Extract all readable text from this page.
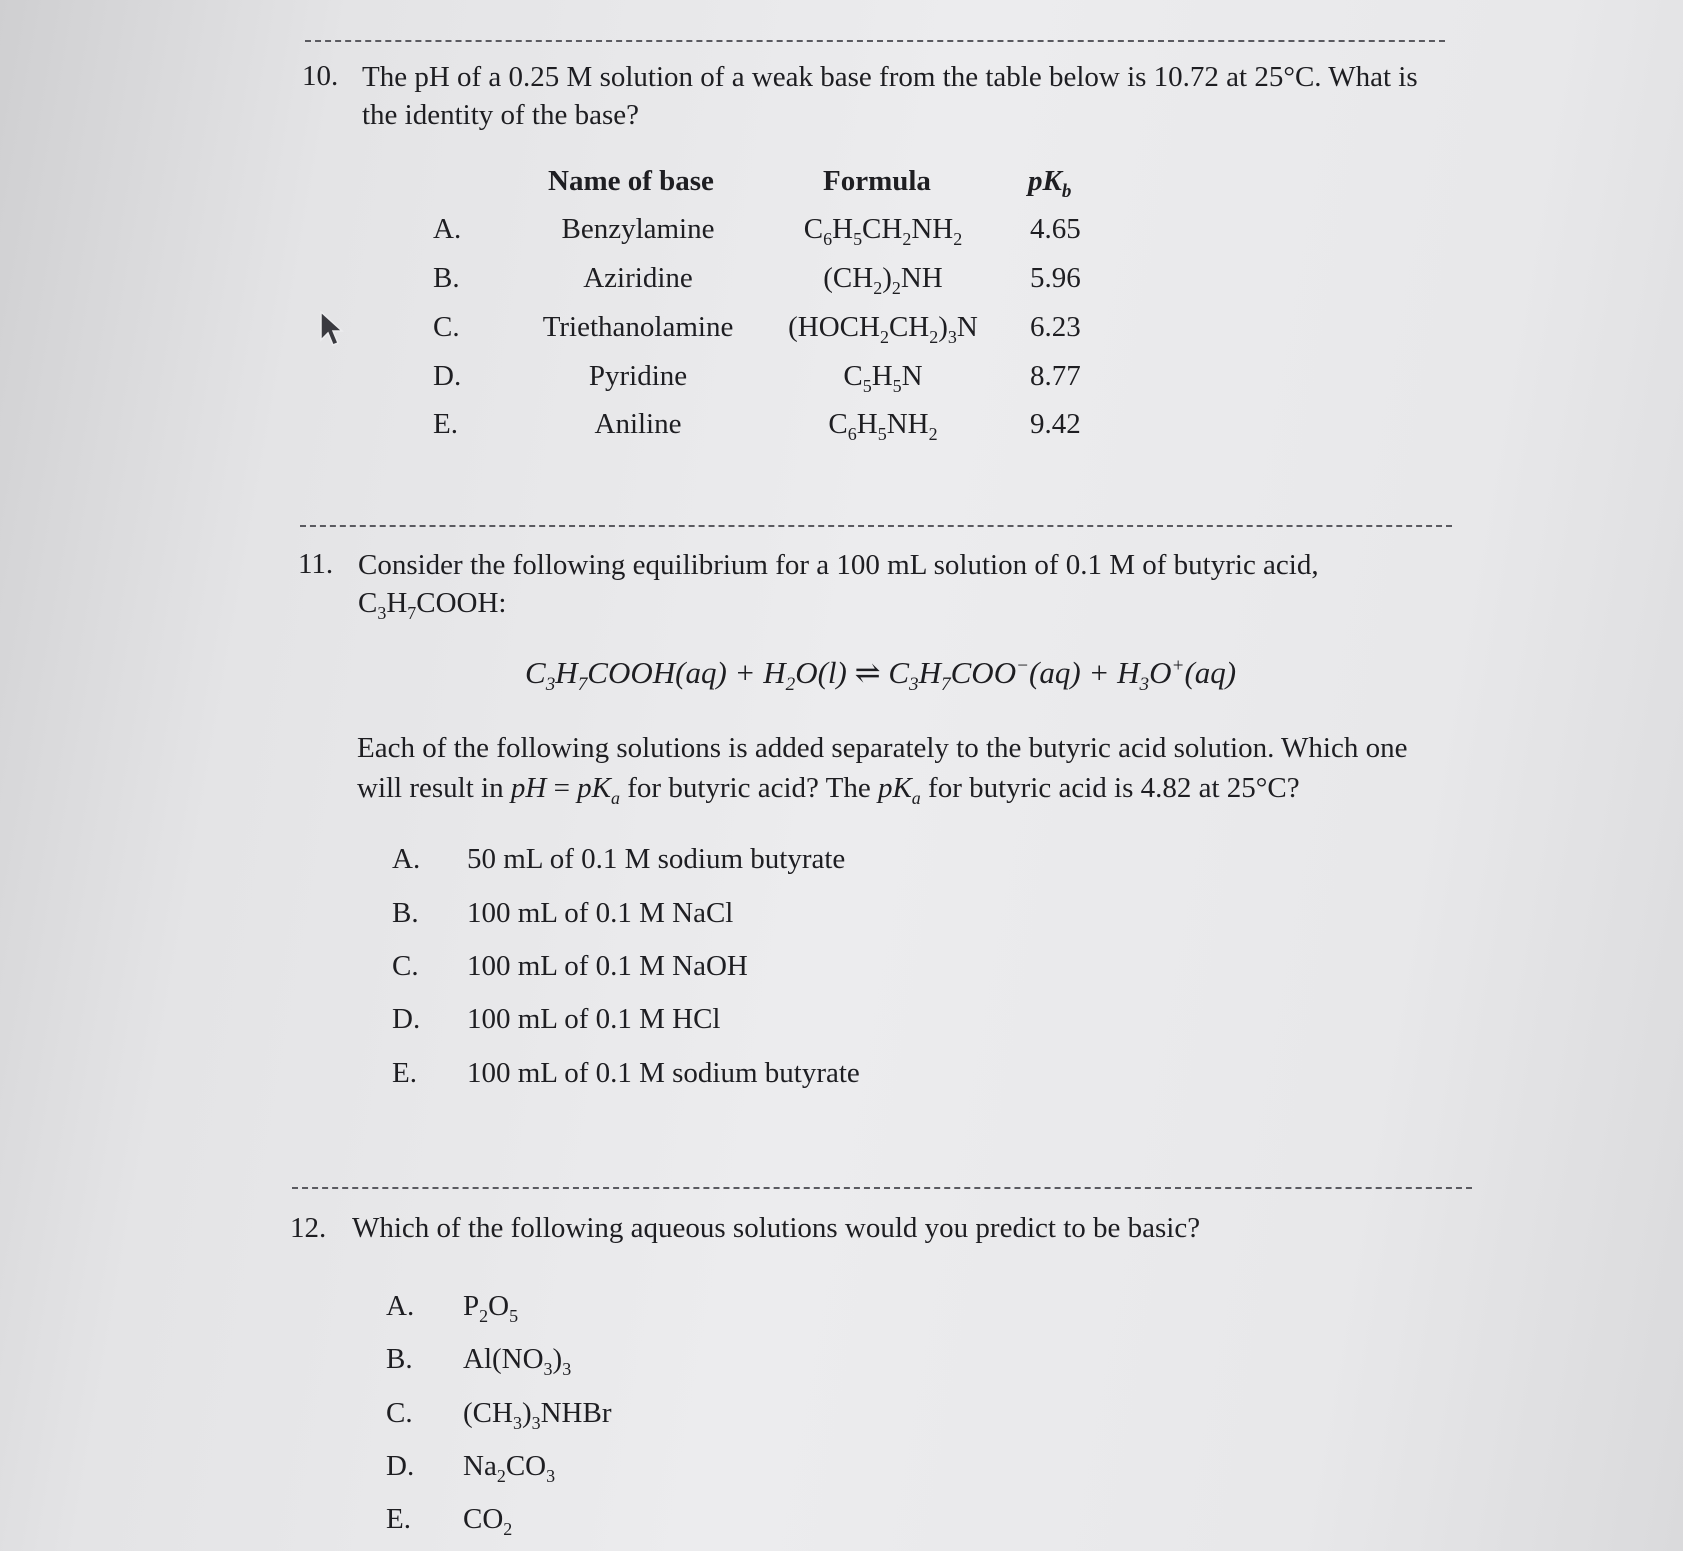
10. The pH of a 0.25 M solution of a weak base from the table below is 10.72 at 25°C. What is
the identity of the base?
Name of base	Formula	$pK_b$
A.	Benzylamine	$C_6H_5CH_2NH_2$	4.65
B.	Aziridine	$(CH_2)_2NH$	5.96
C.	Triethanolamine	$(HOCH_2CH_2)_3N$	6.23
D.	Pyridine	$C_5H_5N$	8.77
E.	Aniline	$C_6H_5NH_2$	9.42
11. Consider the following equilibrium for a 100 mL solution of 0.1 M of butyric acid,
$C_3H_7COOH$:
$C_3H_7COOH(aq) + H_2O(l)$ ⇌ $C_3H_7COO^-(aq) + H_3O^+(aq)$
Each of the following solutions is added separately to the butyric acid solution. Which one
will result in pH = $pK_a$ for butyric acid? The $pK_a$ for butyric acid is 4.82 at 25°C?
A. 50 mL of 0.1 M sodium butyrate
B. 100 mL of 0.1 M NaCl
C. 100 mL of 0.1 M NaOH
D. 100 mL of 0.1 M HCl
E. 100 mL of 0.1 M sodium butyrate
12. Which of the following aqueous solutions would you predict to be basic?
A. $P_2O_5$
B. $Al(NO_3)_3$
C. $(CH_3)_3NHBr$
D. $Na_2CO_3$
E. $CO_2$
